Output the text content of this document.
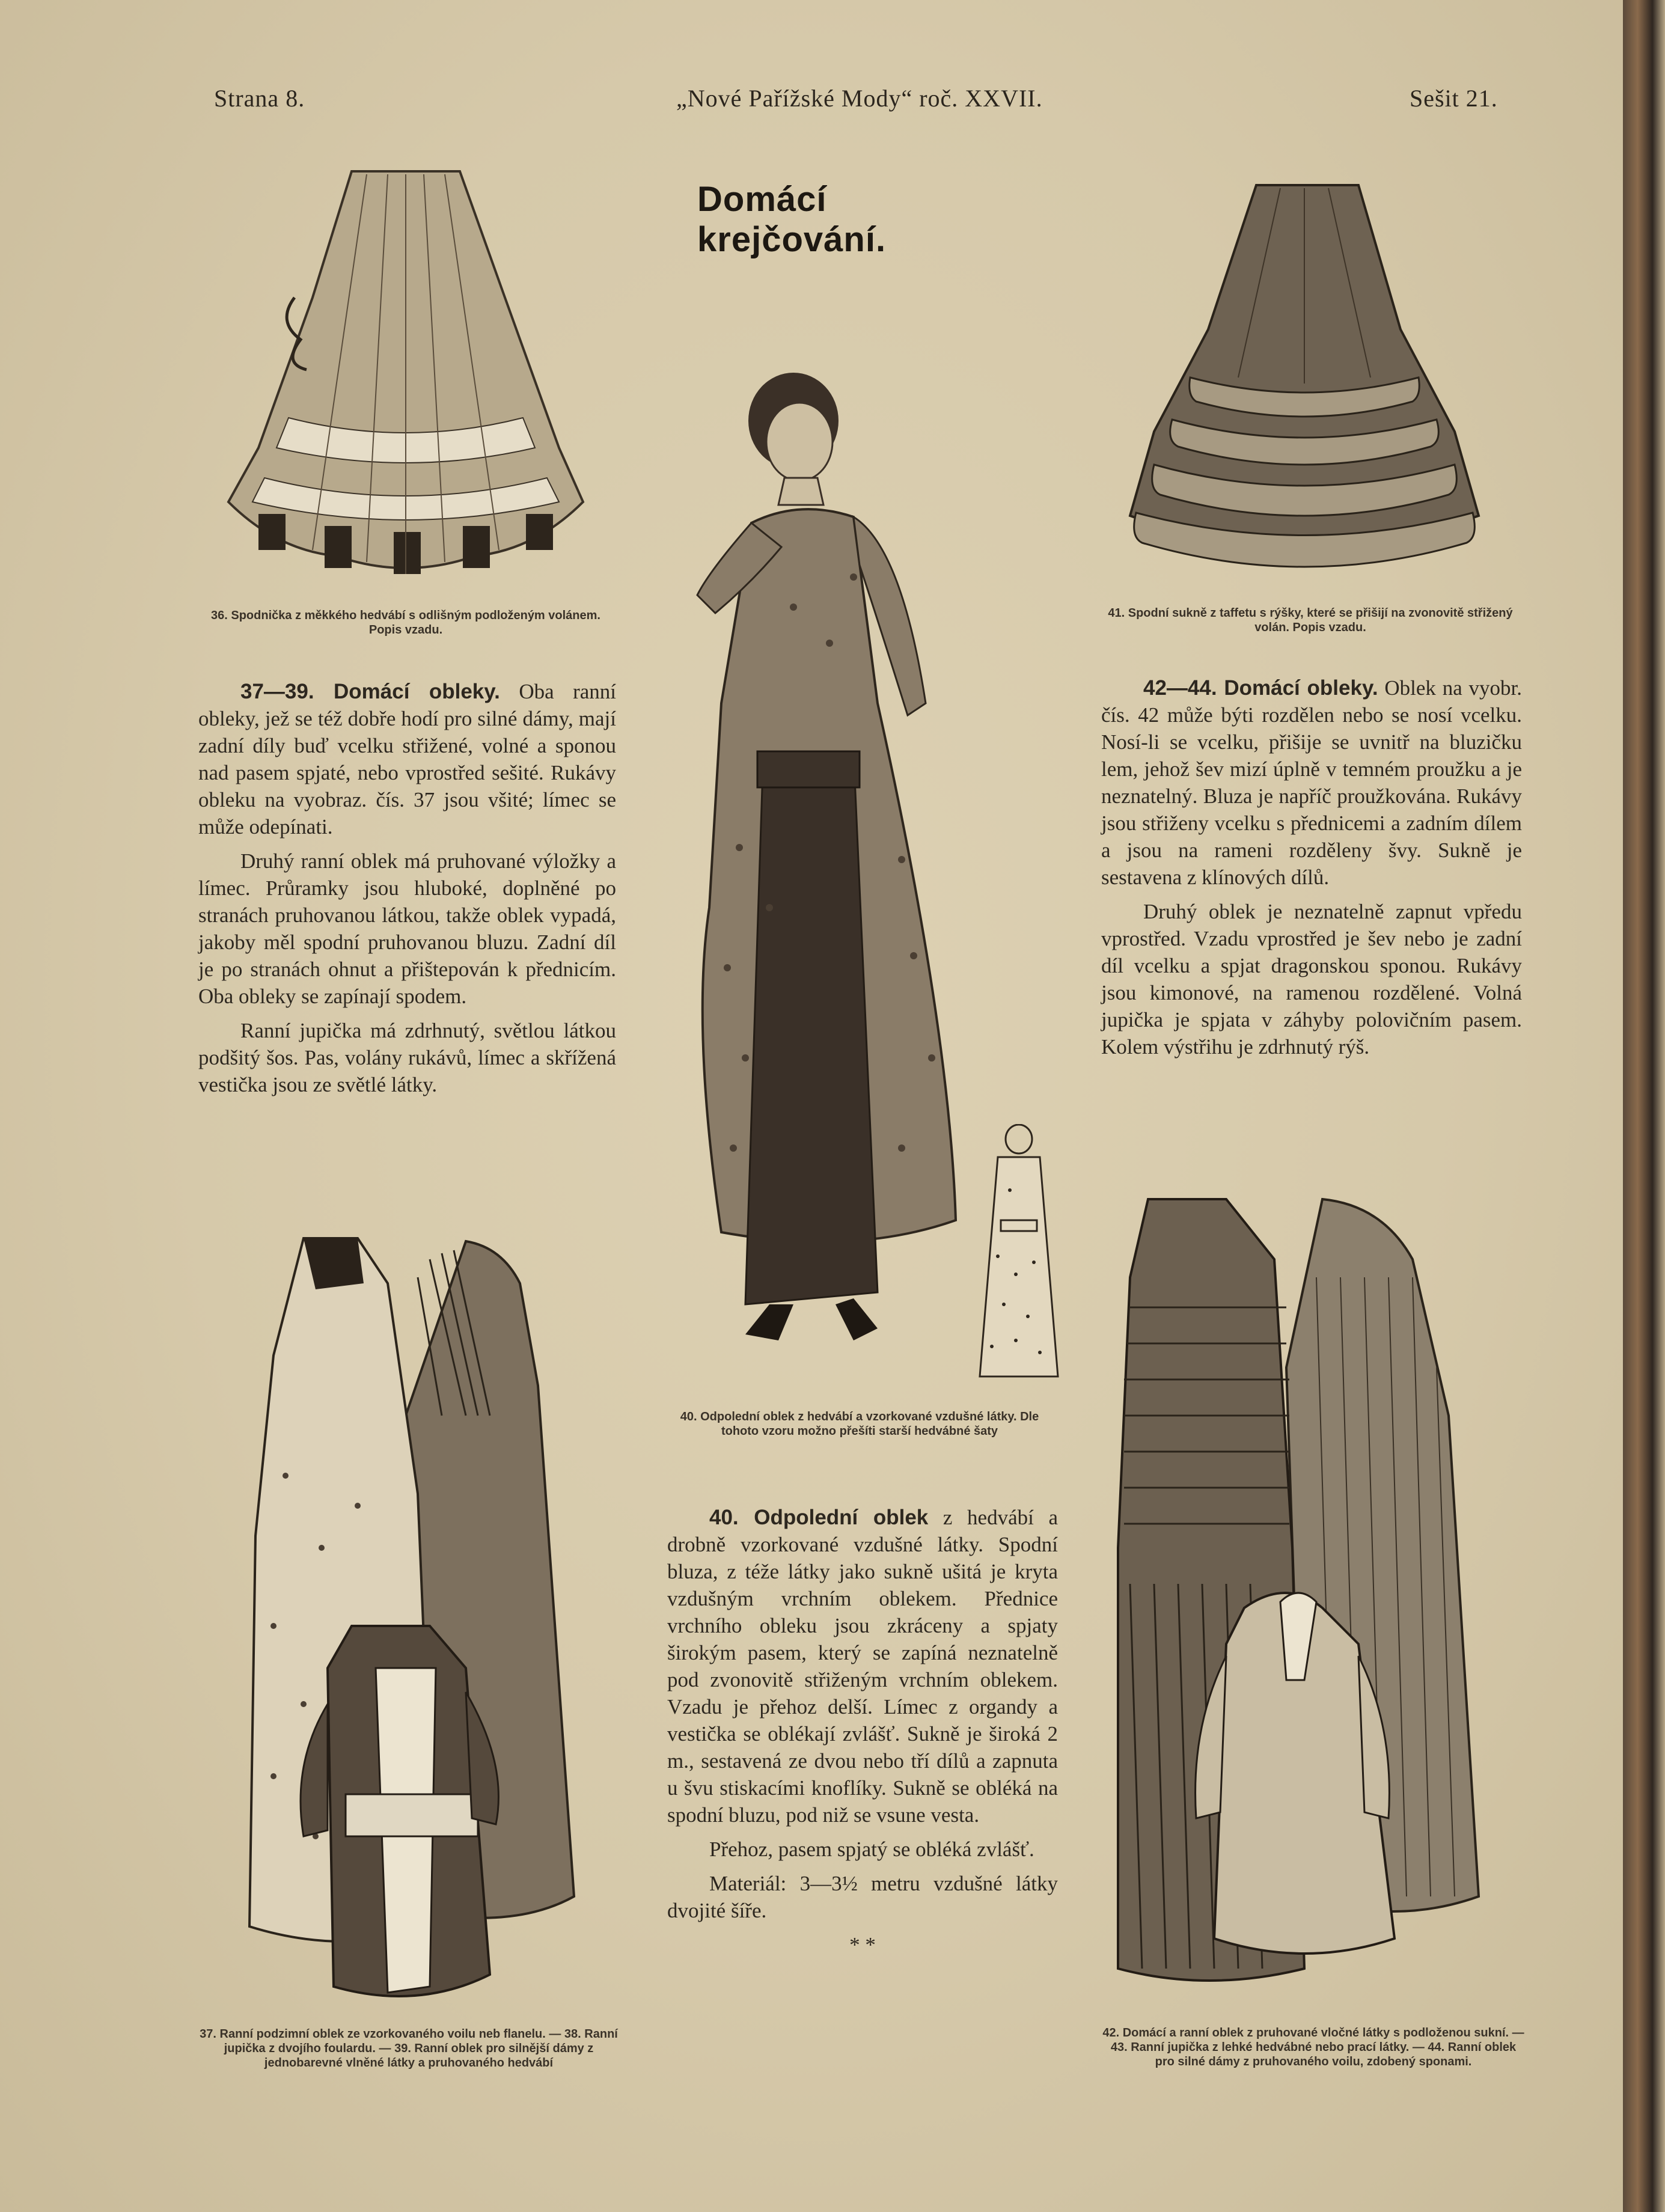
Strana 8.	„Nové Pařížské Mody“ roč. XXVII.	Sešit 21.
Domácí krejčování.
36. Spodnička z měkkého hedvábí s odlišným podloženým volánem. Popis vzadu.
41. Spodní sukně z taffetu s rýšky, které se přišijí na zvonovitě střižený volán. Popis vzadu.

37—39. Domácí obleky. Oba ranní obleky, jež se též dobře hodí pro silné dámy, mají zadní díly buď vcelku střižené, volné a sponou nad pasem spjaté, nebo vprostřed sešité. Rukávy obleku na vyobraz. čís. 37 jsou všité; límec se může odepínati.

Druhý ranní oblek má pruhované výložky a límec. Průramky jsou hluboké, doplněné po stranách pruhovanou látkou, takže oblek vypadá, jakoby měl spodní pruhovanou bluzu. Zadní díl je po stranách ohnut a přištepován k přednicím. Oba obleky se zapínají spodem.

Ranní jupička má zdrhnutý, světlou látkou podšitý šos. Pas, volány rukávů, límec a skřížená vestička jsou ze světlé látky.

42—44. Domácí obleky. Oblek na vyobr. čís. 42 může býti rozdělen nebo se nosí vcelku. Nosí-li se vcelku, přišije se uvnitř na bluzičku lem, jehož šev mizí úplně v temném proužku a je neznatelný. Bluza je napříč proužkována. Rukávy jsou střiženy vcelku s přednicemi a zadním dílem a jsou na rameni rozděleny švy. Sukně je sestavena z klínových dílů.

Druhý oblek je neznatelně zapnut vpředu vprostřed. Vzadu vprostřed je šev nebo je zadní díl vcelku a spjat dragonskou sponou. Rukávy jsou kimonové, na ramenou rozdělené. Volná jupička je spjata v záhyby polovičním pasem. Kolem výstřihu je zdrhnutý rýš.

40. Odpolední oblek z hedvábí a vzorkované vzdušné látky. Dle tohoto vzoru možno přešíti starší hedvábné šaty

40. Odpolední oblek z hedvábí a drobně vzorkované vzdušné látky. Spodní bluza, z téže látky jako sukně ušitá je kryta vzdušným vrchním oblekem. Přednice vrchního obleku jsou zkráceny a spjaty širokým pasem, který se zapíná neznatelně pod zvonovitě střiženým vrchním oblekem. Vzadu je přehoz delší. Límec z organdy a vestička se oblékají zvlášť. Sukně je široká 2 m., sestavená ze dvou nebo tří dílů a zapnuta u švu stiskacími knoflíky. Sukně se obléká na spodní bluzu, pod niž se vsune vesta.

Přehoz, pasem spjatý se obléká zvlášť.

Materiál: 3—3½ metru vzdušné látky dvojité šíře.

* *

37. Ranní podzimní oblek ze vzorkovaného voilu neb flanelu. — 38. Ranní jupička z dvojího foulardu. — 39. Ranní oblek pro silnější dámy z jednobarevné vlněné látky a pruhovaného hedvábí
42. Domácí a ranní oblek z pruhované vločné látky s podloženou sukní. — 43. Ranní jupička z lehké hedvábné nebo prací látky. — 44. Ranní oblek pro silné dámy z pruhovaného voilu, zdobený sponami.
